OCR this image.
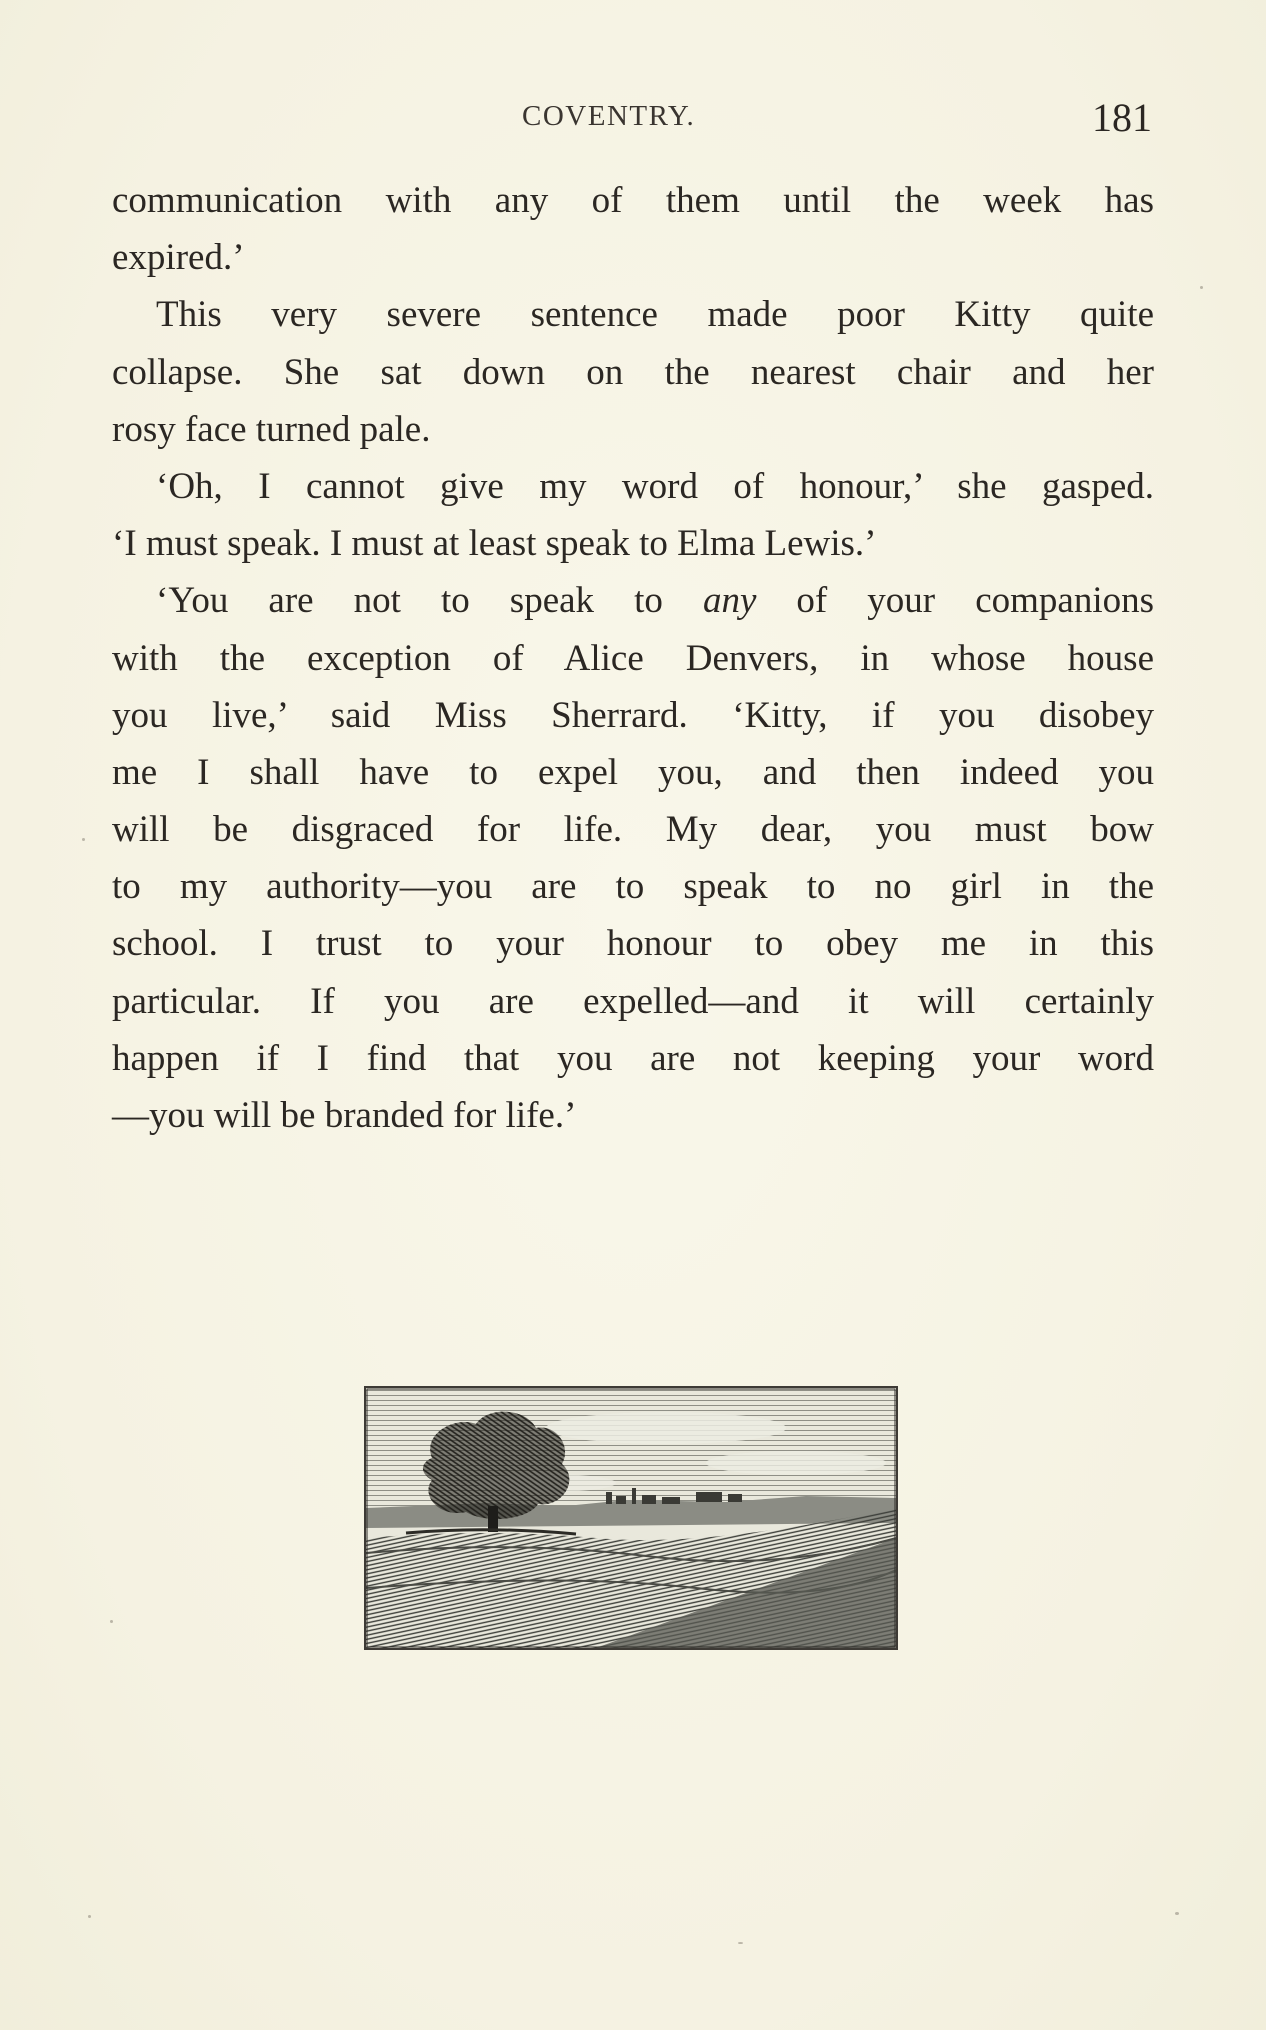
COVENTRY.	181
communication with any of them until the week has
expired.’
This very severe sentence made poor Kitty quite
collapse. She sat down on the nearest chair and her
rosy face turned pale.
‘Oh, I cannot give my word of honour,’ she gasped.
‘I must speak. I must at least speak to Elma Lewis.’
‘You are not to speak to any of your companions
with the exception of Alice Denvers, in whose house
you live,’ said Miss Sherrard. ‘Kitty, if you disobey
me I shall have to expel you, and then indeed you
will be disgraced for life. My dear, you must bow
to my authority—you are to speak to no girl in the
school. I trust to your honour to obey me in this
particular. If you are expelled—and it will certainly
happen if I find that you are not keeping your word
—you will be branded for life.’
